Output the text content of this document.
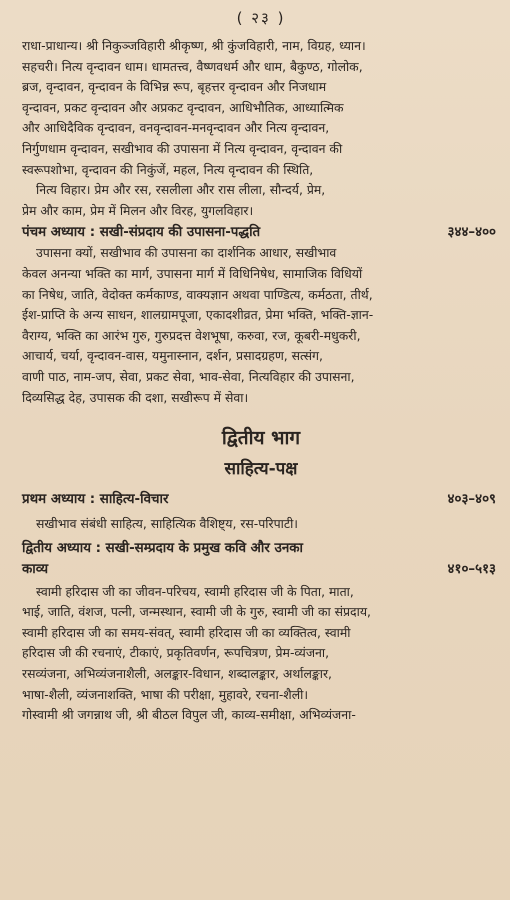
( २३ )

राधा-प्राधान्य। श्री निकुञ्जविहारी श्रीकृष्ण, श्री कुंजविहारी, नाम, विग्रह, ध्यान।

सहचरी। नित्य वृन्दावन धाम। धामतत्त्व, वैष्णवधर्म और धाम, बैकुण्ठ, गोलोक,

ब्रज, वृन्दावन, वृन्दावन के विभिन्न रूप, बृहत्तर वृन्दावन और निजधाम

वृन्दावन, प्रकट वृन्दावन और अप्रकट वृन्दावन, आधिभौतिक, आध्यात्मिक

और आधिदैविक वृन्दावन, वनवृन्दावन-मनवृन्दावन और नित्य वृन्दावन,

निर्गुणधाम वृन्दावन, सखीभाव की उपासना में नित्य वृन्दावन, वृन्दावन की

स्वरूपशोभा, वृन्दावन की निकुंजें, महल, नित्य वृन्दावन की स्थिति,

नित्य विहार। प्रेम और रस, रसलीला और रास लीला, सौन्दर्य, प्रेम,

प्रेम और काम, प्रेम में मिलन और विरह, युगलविहार।

पंचम अध्याय : सखी-संप्रदाय की उपासना-पद्धति	३४४–४००

उपासना क्यों, सखीभाव की उपासना का दार्शनिक आधार, सखीभाव

केवल अनन्या भक्ति का मार्ग, उपासना मार्ग में विधिनिषेध, सामाजिक विधियों

का निषेध, जाति, वेदोक्त कर्मकाण्ड, वाक्यज्ञान अथवा पाण्डित्य, कर्मठता, तीर्थ,

ईश-प्राप्ति के अन्य साधन, शालग्रामपूजा, एकादशीव्रत, प्रेमा भक्ति, भक्ति-ज्ञान-

वैराग्य, भक्ति का आरंभ गुरु, गुरुप्रदत्त वेशभूषा, करुवा, रज, कूबरी-मधुकरी,

आचार्य, चर्या, वृन्दावन-वास, यमुनास्नान, दर्शन, प्रसादग्रहण, सत्संग,

वाणी पाठ, नाम-जप, सेवा, प्रकट सेवा, भाव-सेवा, नित्यविहार की उपासना,

दिव्यसिद्ध देह, उपासक की दशा, सखीरूप में सेवा।

द्वितीय भाग
साहित्य-पक्ष
प्रथम अध्याय : साहित्य-विचार	४०३–४०९

सखीभाव संबंधी साहित्य, साहित्यिक वैशिष्ट्य, रस-परिपाटी।

द्वितीय अध्याय : सखी-सम्प्रदाय के प्रमुख कवि और उनका
काव्य	४१०–५१३

स्वामी हरिदास जी का जीवन-परिचय, स्वामी हरिदास जी के पिता, माता,

भाई, जाति, वंशज, पत्नी, जन्मस्थान, स्वामी जी के गुरु, स्वामी जी का संप्रदाय,

स्वामी हरिदास जी का समय-संवत्, स्वामी हरिदास जी का व्यक्तित्व, स्वामी

हरिदास जी की रचनाएं, टीकाएं, प्रकृतिवर्णन, रूपचित्रण, प्रेम-व्यंजना,

रसव्यंजना, अभिव्यंजनाशैली, अलङ्कार-विधान, शब्दालङ्कार, अर्थालङ्कार,

भाषा-शैली, व्यंजनाशक्ति, भाषा की परीक्षा, मुहावरे, रचना-शैली।

गोस्वामी श्री जगन्नाथ जी, श्री बीठल विपुल जी, काव्य-समीक्षा, अभिव्यंजना-
